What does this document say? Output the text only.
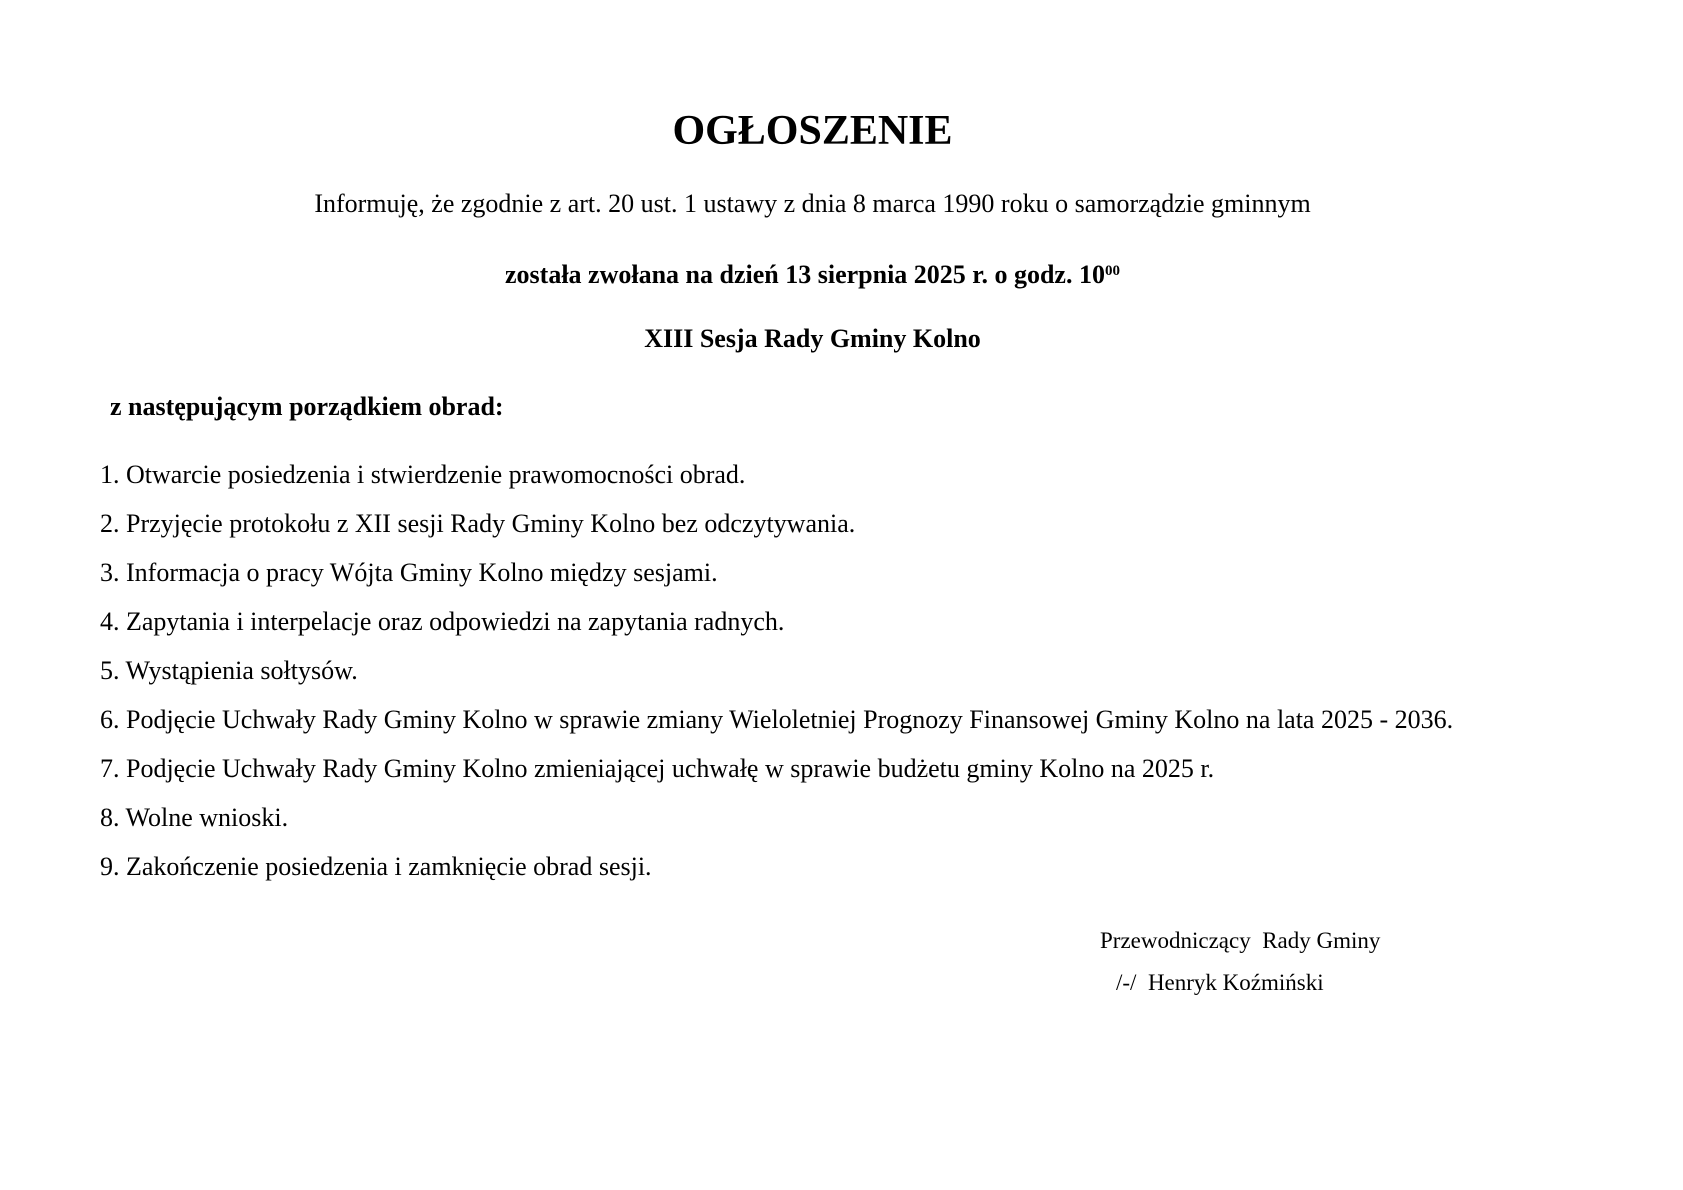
OGŁOSZENIE
Informuję, że zgodnie z art. 20 ust. 1 ustawy z dnia 8 marca 1990 roku o samorządzie gminnym
została zwołana na dzień 13 sierpnia 2025 r. o godz. $10^{00}$
XIII Sesja Rady Gminy Kolno
z następującym porządkiem obrad:
1. Otwarcie posiedzenia i stwierdzenie prawomocności obrad.
2. Przyjęcie protokołu z XII sesji Rady Gminy Kolno bez odczytywania.
3. Informacja o pracy Wójta Gminy Kolno między sesjami.
4. Zapytania i interpelacje oraz odpowiedzi na zapytania radnych.
5. Wystąpienia sołtysów.
6. Podjęcie Uchwały Rady Gminy Kolno w sprawie zmiany Wieloletniej Prognozy Finansowej Gminy Kolno na lata 2025 - 2036.
7. Podjęcie Uchwały Rady Gminy Kolno zmieniającej uchwałę w sprawie budżetu gminy Kolno na 2025 r.
8. Wolne wnioski.
9. Zakończenie posiedzenia i zamknięcie obrad sesji.
Przewodniczący  Rady Gminy
/-/  Henryk Koźmiński
